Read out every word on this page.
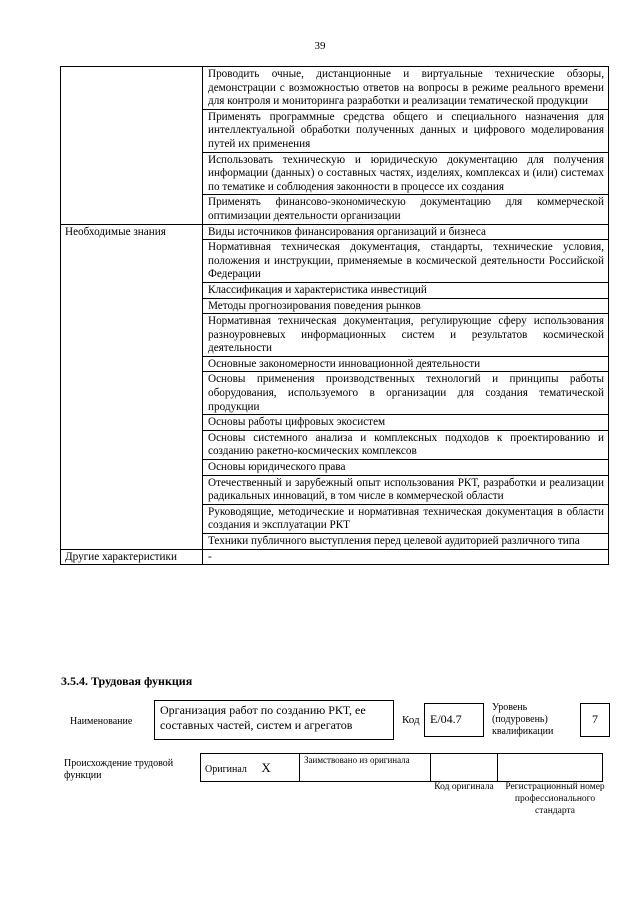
39
	Проводить очные, дистанционные и виртуальные технические обзоры, демонстрации с возможностью ответов на вопросы в режиме реального времени для контроля и мониторинга разработки и реализации тематической продукции
	Применять программные средства общего и специального назначения для интеллектуальной обработки полученных данных и цифрового моделирования путей их применения
	Использовать техническую и юридическую документацию для получения информации (данных) о составных частях, изделиях, комплексах и (или) системах по тематике и соблюдения законности в процессе их создания
	Применять финансово-экономическую документацию для коммерческой оптимизации деятельности организации
Необходимые знания	Виды источников финансирования организаций и бизнеса
	Нормативная техническая документация, стандарты, технические условия, положения и инструкции, применяемые в космической деятельности Российской Федерации
	Классификация и характеристика инвестиций
	Методы прогнозирования поведения рынков
	Нормативная техническая документация, регулирующие сферу использования разноуровневых информационных систем и результатов космической деятельности
	Основные закономерности инновационной деятельности
	Основы применения производственных технологий и принципы работы оборудования, используемого в организации для создания тематической продукции
	Основы работы цифровых экосистем
	Основы системного анализа и комплексных подходов к проектированию и созданию ракетно-космических комплексов
	Основы юридического права
	Отечественный и зарубежный опыт использования РКТ, разработки и реализации радикальных инноваций, в том числе в коммерческой области
	Руководящие, методические и нормативная техническая документация в области создания и эксплуатации РКТ
	Техники публичного выступления перед целевой аудиторией различного типа
Другие характеристики	-
3.5.4. Трудовая функция
Наименование
Организация работ по созданию РКТ, ее составных частей, систем и агрегатов	Код E/04.7
Уровень (подуровень) квалификации
7
Происхождение трудовой функции
Оригинал X	Заимствовано из оригинала		
Код оригинала	Регистрационный номер профессионального стандарта
